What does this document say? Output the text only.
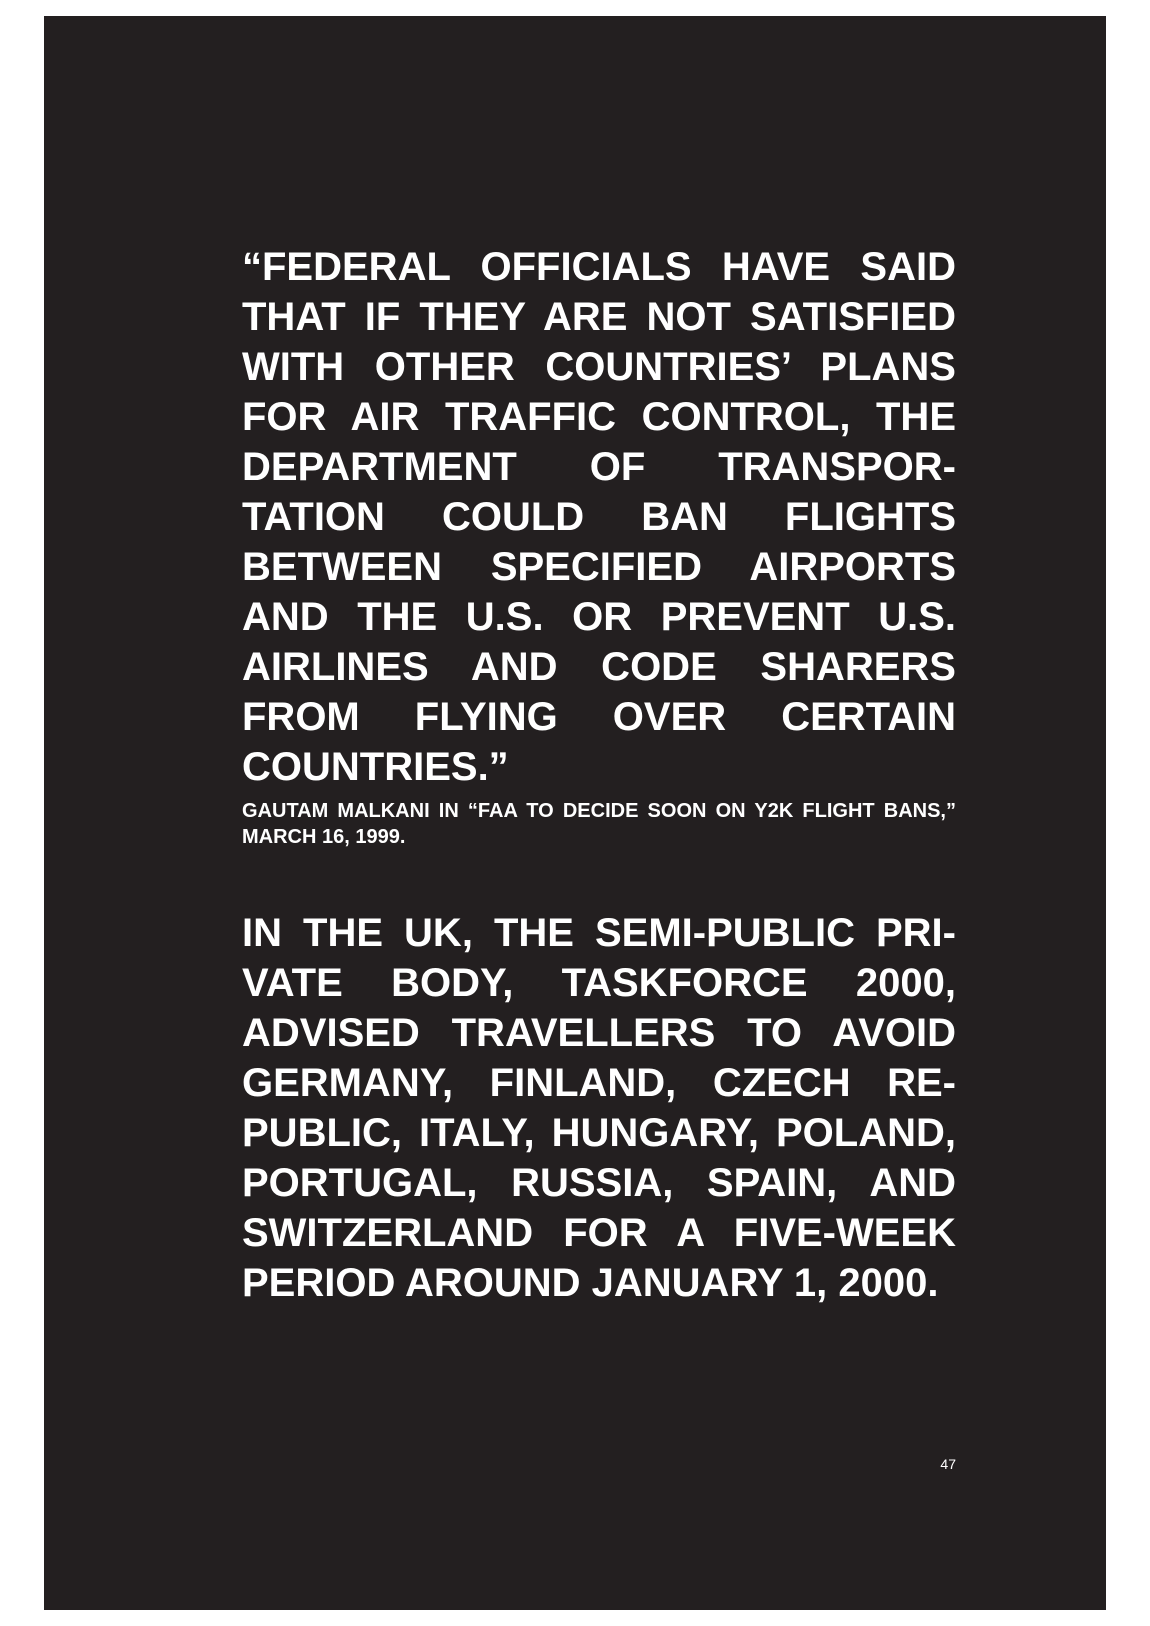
“FEDERAL OFFICIALS HAVE SAID THAT IF THEY ARE NOT SATISFIED WITH OTHER COUNTRIES’ PLANS FOR AIR TRAFFIC CONTROL, THE DEPARTMENT OF TRANSPORTATION COULD BAN FLIGHTS BETWEEN SPECIFIED AIRPORTS AND THE U.S. OR PREVENT U.S. AIRLINES AND CODE SHARERS FROM FLYING OVER CERTAIN COUNTRIES.”

GAUTAM MALKANI IN “FAA TO DECIDE SOON ON Y2K FLIGHT BANS,” MARCH 16, 1999.

IN THE UK, THE SEMI-PUBLIC PRIVATE BODY, TASKFORCE 2000, ADVISED TRAVELLERS TO AVOID GERMANY, FINLAND, CZECH REPUBLIC, ITALY, HUNGARY, POLAND, PORTUGAL, RUSSIA, SPAIN, AND SWITZERLAND FOR A FIVE-WEEK PERIOD AROUND JANUARY 1, 2000.

47
